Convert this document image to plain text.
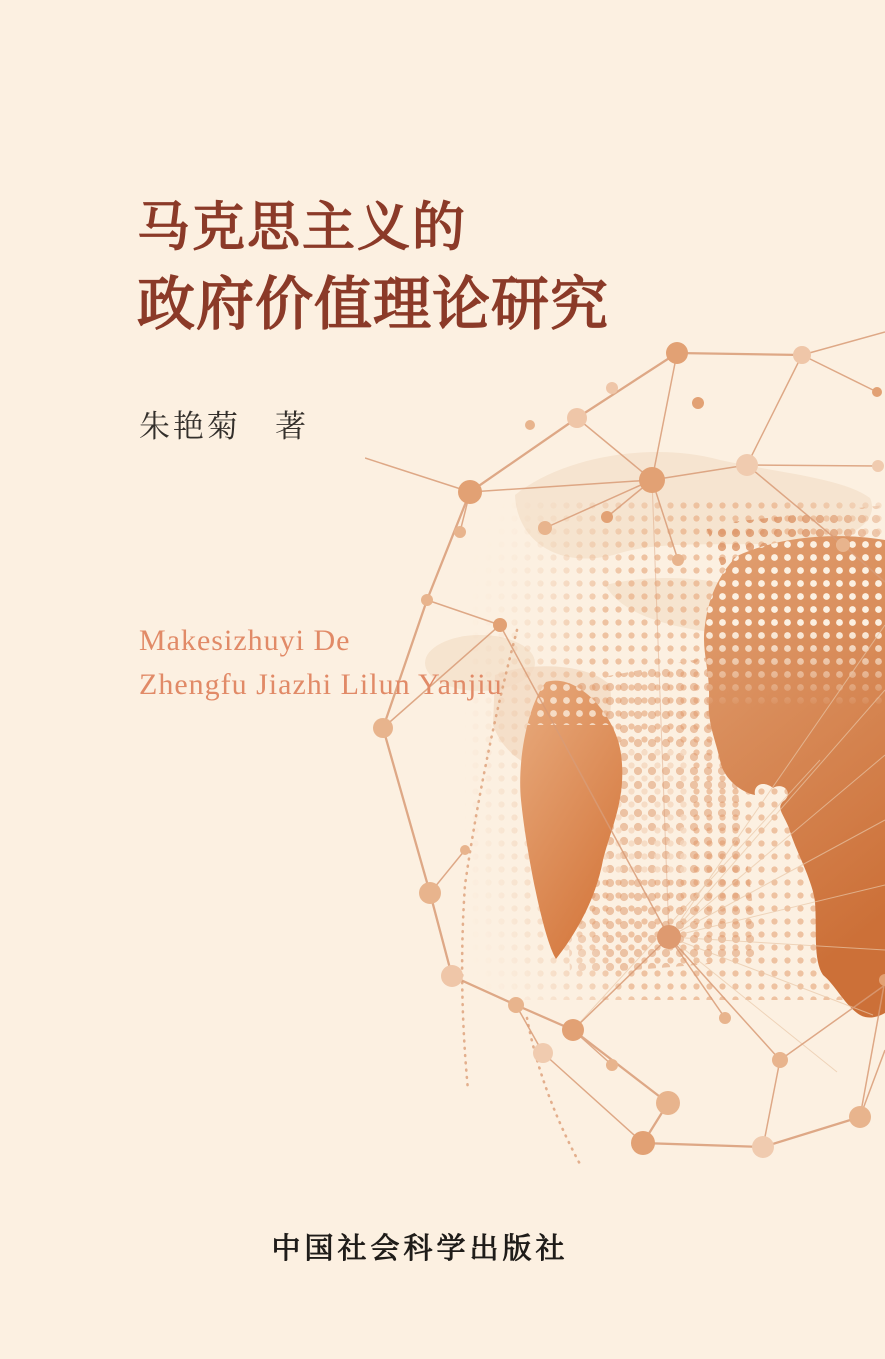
马克思主义的
政府价值理论研究
朱艳菊　著
Makesizhuyi De
Zhengfu Jiazhi Lilun Yanjiu
中国社会科学出版社
